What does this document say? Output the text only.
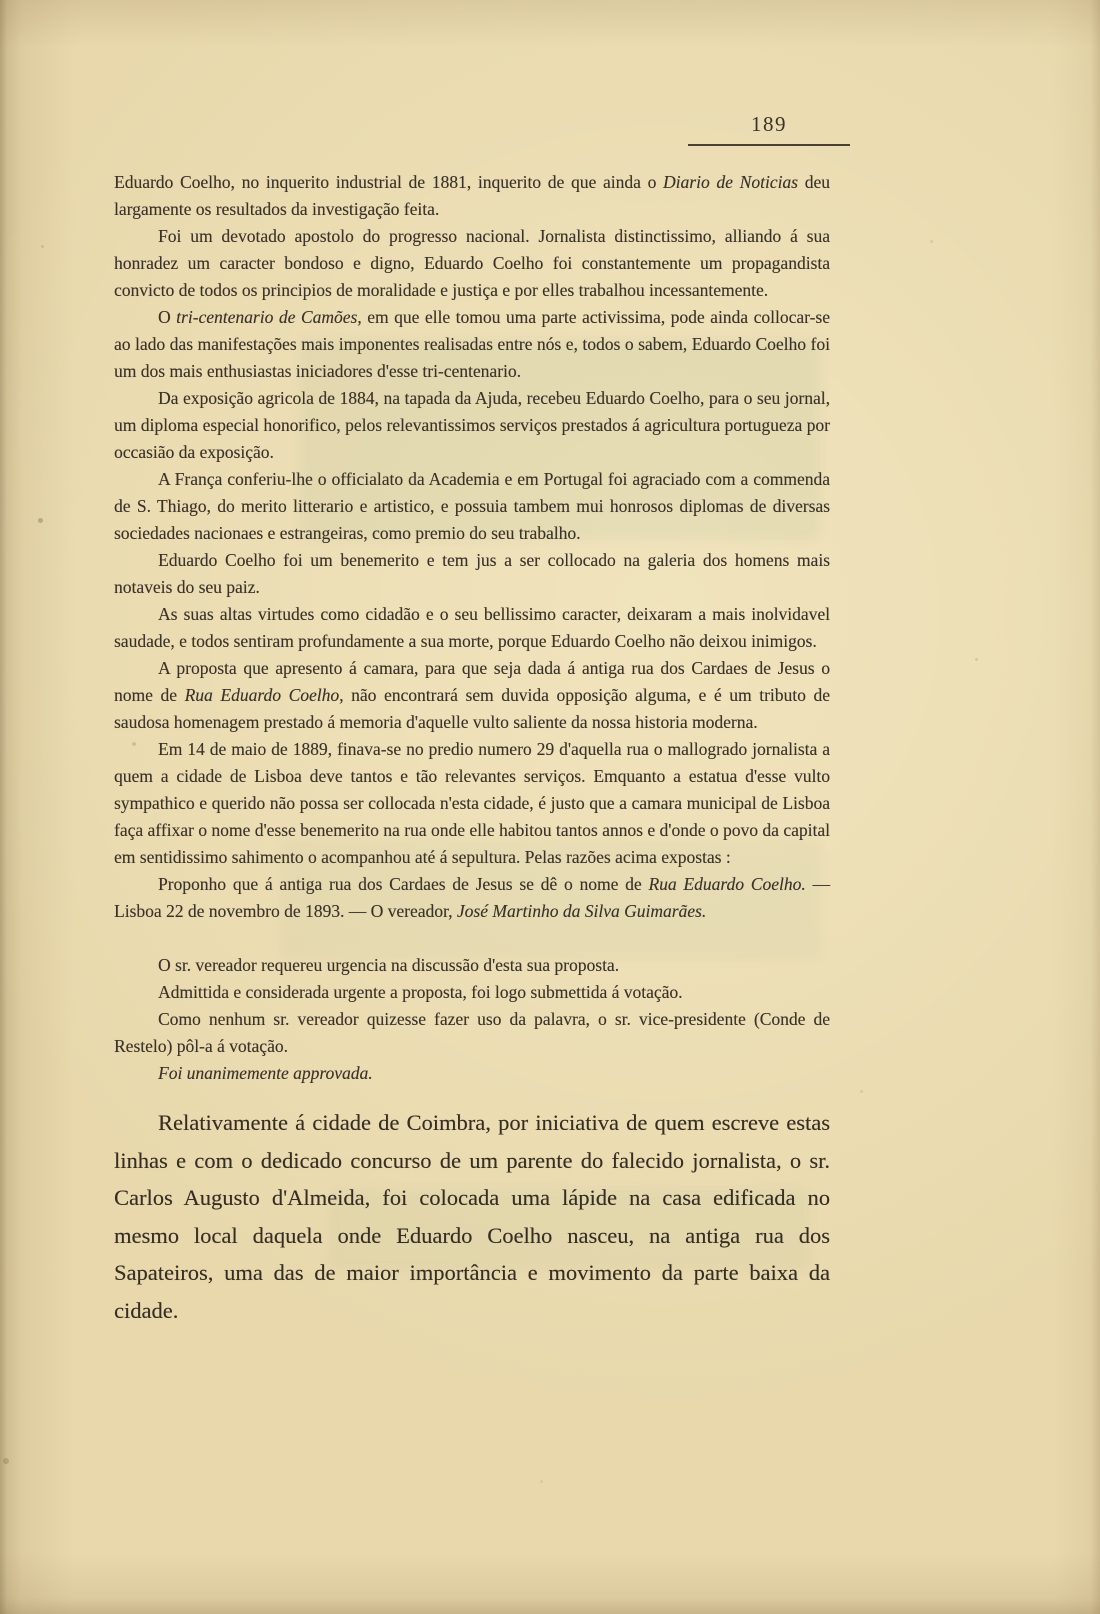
189

Eduardo Coelho, no inquerito industrial de 1881, inquerito de que ainda o Diario de Noticias deu largamente os resultados da investigação feita.

Foi um devotado apostolo do progresso nacional. Jornalista distinctissimo, alliando á sua honradez um caracter bondoso e digno, Eduardo Coelho foi constantemente um propagandista convicto de todos os principios de moralidade e justiça e por elles trabalhou incessantemente.

O tri-centenario de Camões, em que elle tomou uma parte activissima, pode ainda collocar-se ao lado das manifestações mais imponentes realisadas entre nós e, todos o sabem, Eduardo Coelho foi um dos mais enthusiastas iniciadores d'esse tri-centenario.

Da exposição agricola de 1884, na tapada da Ajuda, recebeu Eduardo Coelho, para o seu jornal, um diploma especial honorifico, pelos relevantissimos serviços prestados á agricultura portugueza por occasião da exposição.

A França conferiu-lhe o officialato da Academia e em Portugal foi agraciado com a commenda de S. Thiago, do merito litterario e artistico, e possuia tambem mui honrosos diplomas de diversas sociedades nacionaes e estrangeiras, como premio do seu trabalho.

Eduardo Coelho foi um benemerito e tem jus a ser collocado na galeria dos homens mais notaveis do seu paiz.

As suas altas virtudes como cidadão e o seu bellissimo caracter, deixaram a mais inolvidavel saudade, e todos sentiram profundamente a sua morte, porque Eduardo Coelho não deixou inimigos.

A proposta que apresento á camara, para que seja dada á antiga rua dos Cardaes de Jesus o nome de Rua Eduardo Coelho, não encontrará sem duvida opposição alguma, e é um tributo de saudosa homenagem prestado á memoria d'aquelle vulto saliente da nossa historia moderna.

Em 14 de maio de 1889, finava-se no predio numero 29 d'aquella rua o mallogrado jornalista a quem a cidade de Lisboa deve tantos e tão relevantes serviços. Emquanto a estatua d'esse vulto sympathico e querido não possa ser collocada n'esta cidade, é justo que a camara municipal de Lisboa faça affixar o nome d'esse benemerito na rua onde elle habitou tantos annos e d'onde o povo da capital em sentidissimo sahimento o acompanhou até á sepultura. Pelas razões acima expostas :

Proponho que á antiga rua dos Cardaes de Jesus se dê o nome de Rua Eduardo Coelho. — Lisboa 22 de novembro de 1893. — O vereador, José Martinho da Silva Guimarães.

O sr. vereador requereu urgencia na discussão d'esta sua proposta.

Admittida e considerada urgente a proposta, foi logo submettida á votação.

Como nenhum sr. vereador quizesse fazer uso da palavra, o sr. vice-presidente (Conde de Restelo) pôl-a á votação.

Foi unanimemente approvada.

Relativamente á cidade de Coimbra, por iniciativa de quem escreve estas linhas e com o dedicado concurso de um parente do falecido jornalista, o sr. Carlos Augusto d'Almeida, foi colocada uma lápide na casa edificada no mesmo local daquela onde Eduardo Coelho nasceu, na antiga rua dos Sapateiros, uma das de maior importância e movimento da parte baixa da cidade.
